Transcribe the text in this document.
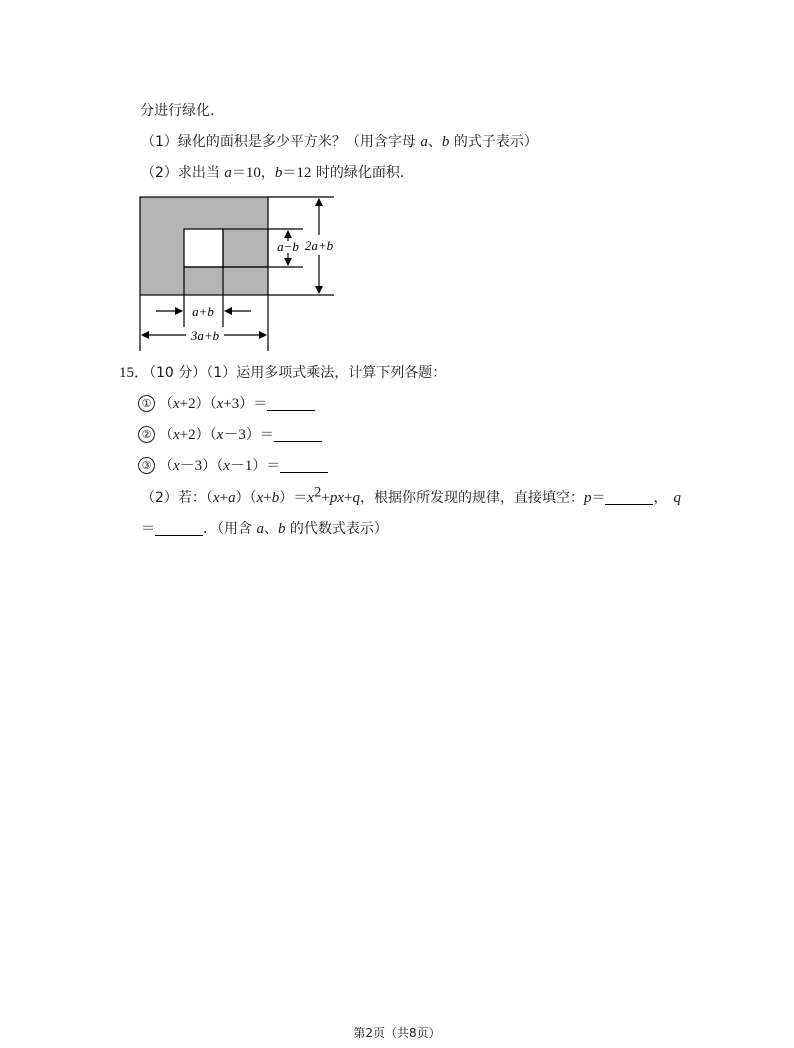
分进行绿化．
（1）绿化的面积是多少平方米？（用含字母 a、b 的式子表示）
（2）求出当 a＝10，b＝12 时的绿化面积．
a−b 2a+b
a+b
3a+b
15．（10 分）（1）运用多项式乘法，计算下列各题：
① （x+2）（x+3）＝
② （x+2）（x－3）＝
③ （x－3）（x－1）＝
（2）若：$(x+a)(x+b)=x^2+px+q$，根据你所发现的规律，直接填空：p＝	， q
＝	．（用含 a、b 的代数式表示）
第2页（共8页）
